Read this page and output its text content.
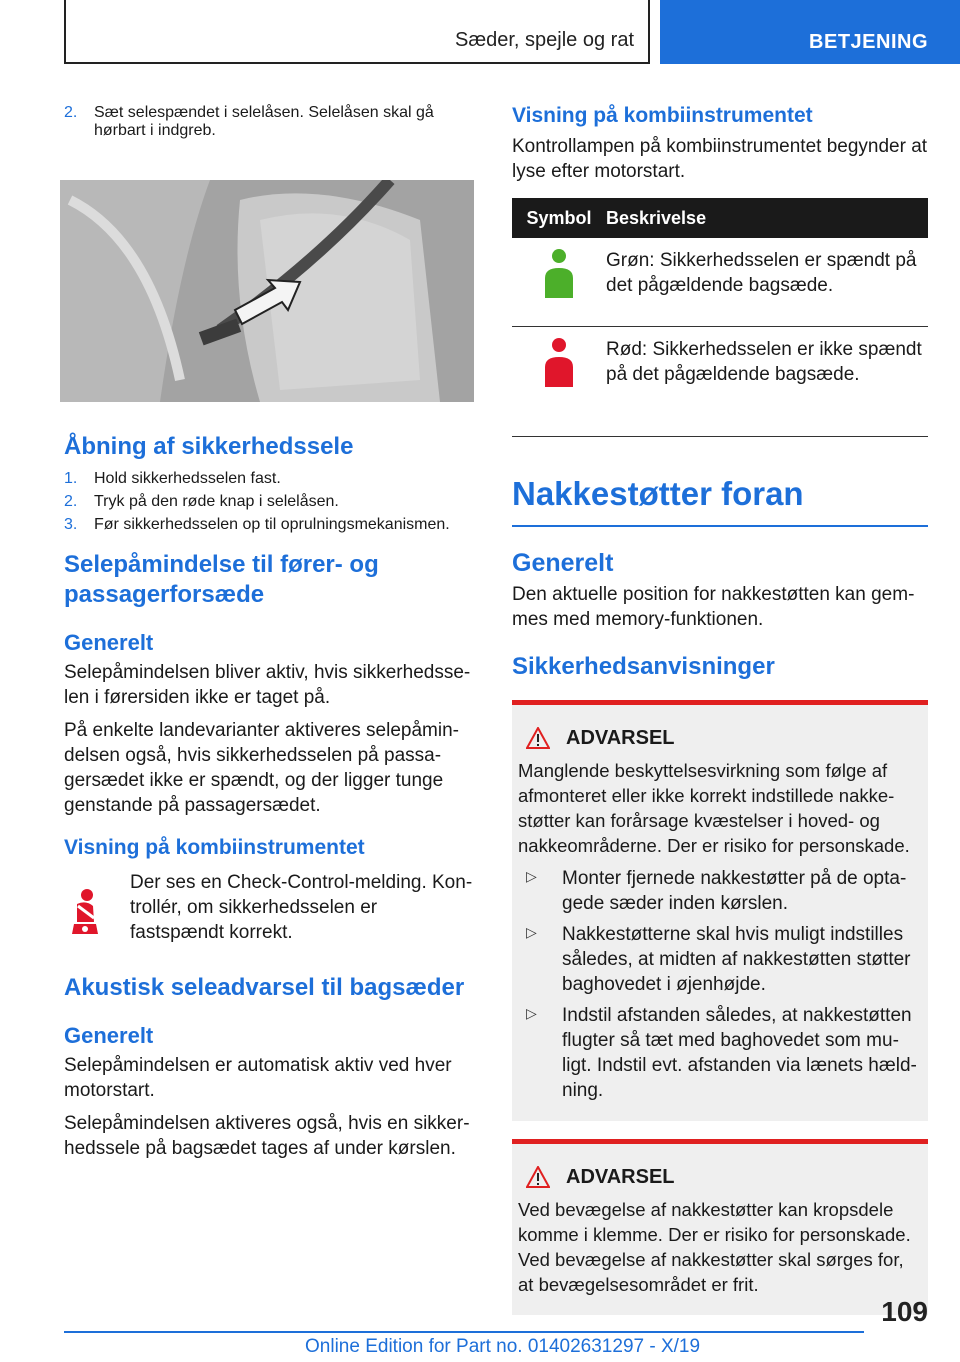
Sæder, spejle og rat	BETJENING
2.	Sæt selespændet i selelåsen. Selelåsen skal gå hørbart i indgreb.
Åbning af sikkerhedssele
1.	Hold sikkerhedsselen fast.
2.	Tryk på den røde knap i selelåsen.
3.	Før sikkerhedsselen op til oprulningsmekanismen.
Selepåmindelse til fører- og passagerforsæde
Generelt

Selepåmindelsen bliver aktiv, hvis sikkerhedsselen i førersiden ikke er taget på.

På enkelte landevarianter aktiveres selepåmindelsen også, hvis sikkerhedsselen på passagersædet ikke er spændt, og der ligger tunge genstande på passagersædet.

Visning på kombiinstrumentet

Der ses en Check-Control-melding. Kontrollér, om sikkerhedsselen er fastspændt korrekt.

Akustisk seleadvarsel til bagsæder
Generelt

Selepåmindelsen er automatisk aktiv ved hver motorstart.

Selepåmindelsen aktiveres også, hvis en sikkerhedssele på bagsædet tages af under kørslen.

Visning på kombiinstrumentet

Kontrollampen på kombiinstrumentet begynder at lyse efter motorstart.

Symbol	Beskrivelse
	Grøn: Sikkerhedsselen er spændt på det pågældende bagsæde.
	Rød: Sikkerhedsselen er ikke spændt på det pågældende bagsæde.
Nakkestøtter foran
Generelt

Den aktuelle position for nakkestøtten kan gemmes med memory-funktionen.

Sikkerhedsanvisninger
ADVARSEL

Manglende beskyttelsesvirkning som følge af afmonteret eller ikke korrekt indstillede nakkestøtter kan forårsage kvæstelser i hoved- og nakkeområderne. Der er risiko for personskade.

▷	Monter fjernede nakkestøtter på de optagede sæder inden kørslen.

▷	Nakkestøtterne skal hvis muligt indstilles således, at midten af nakkestøtten støtter baghovedet i øjenhøjde.

▷	Indstil afstanden således, at nakkestøtten flugter så tæt med baghovedet som muligt. Indstil evt. afstanden via lænets hældning.

ADVARSEL

Ved bevægelse af nakkestøtter kan kropsdele komme i klemme. Der er risiko for personskade. Ved bevægelse af nakkestøtter skal sørges for, at bevægelsesområdet er frit.

109
Online Edition for Part no. 01402631297 - X/19
